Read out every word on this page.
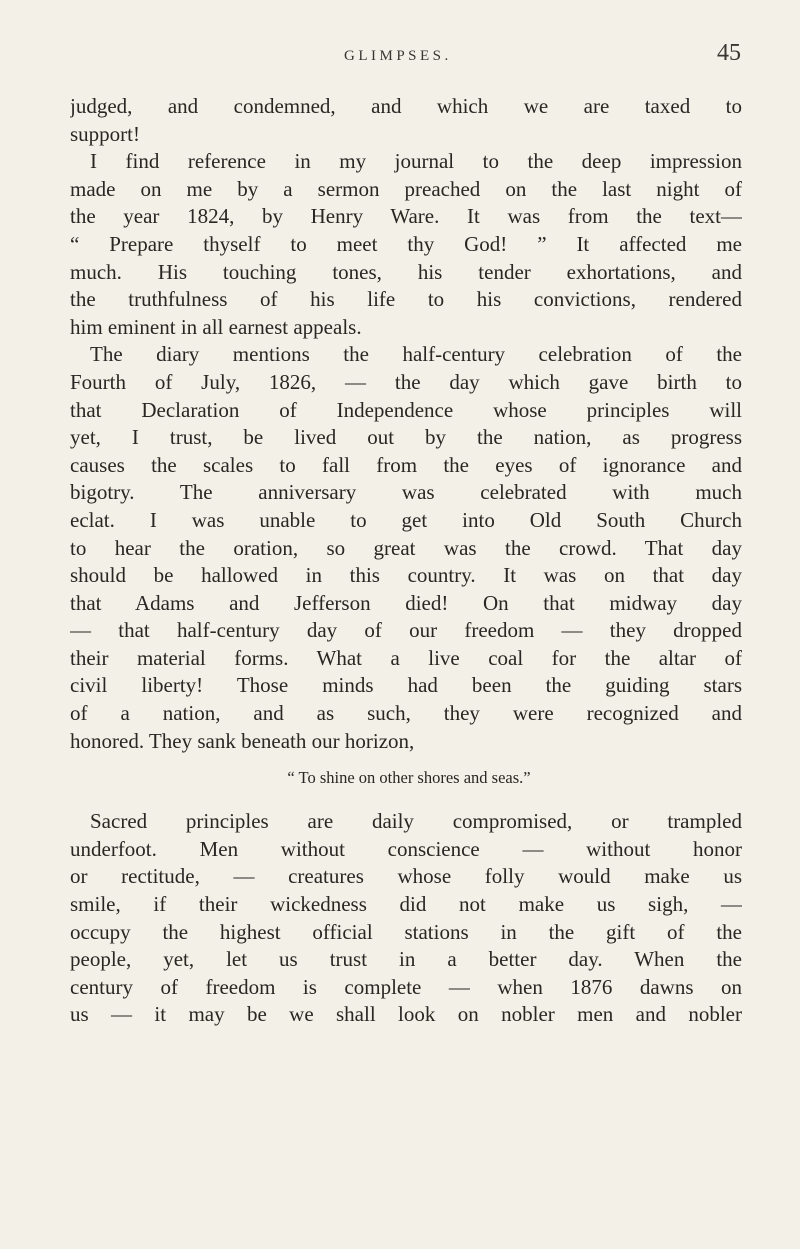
GLIMPSES.	45
judged, and condemned, and which we are taxed to
support!
I find reference in my journal to the deep impression
made on me by a sermon preached on the last night of
the year 1824, by Henry Ware. It was from the text—
“ Prepare thyself to meet thy God! ” It affected me
much. His touching tones, his tender exhortations, and
the truthfulness of his life to his convictions, rendered
him eminent in all earnest appeals.
The diary mentions the half-century celebration of the
Fourth of July, 1826, — the day which gave birth to
that Declaration of Independence whose principles will
yet, I trust, be lived out by the nation, as progress
causes the scales to fall from the eyes of ignorance and
bigotry. The anniversary was celebrated with much
eclat. I was unable to get into Old South Church
to hear the oration, so great was the crowd. That day
should be hallowed in this country. It was on that day
that Adams and Jefferson died! On that midway day
— that half-century day of our freedom — they dropped
their material forms. What a live coal for the altar of
civil liberty! Those minds had been the guiding stars
of a nation, and as such, they were recognized and
honored. They sank beneath our horizon,
“ To shine on other shores and seas.”
Sacred principles are daily compromised, or trampled
underfoot. Men without conscience — without honor
or rectitude, — creatures whose folly would make us
smile, if their wickedness did not make us sigh, —
occupy the highest official stations in the gift of the
people, yet, let us trust in a better day. When the
century of freedom is complete — when 1876 dawns on
us — it may be we shall look on nobler men and nobler
